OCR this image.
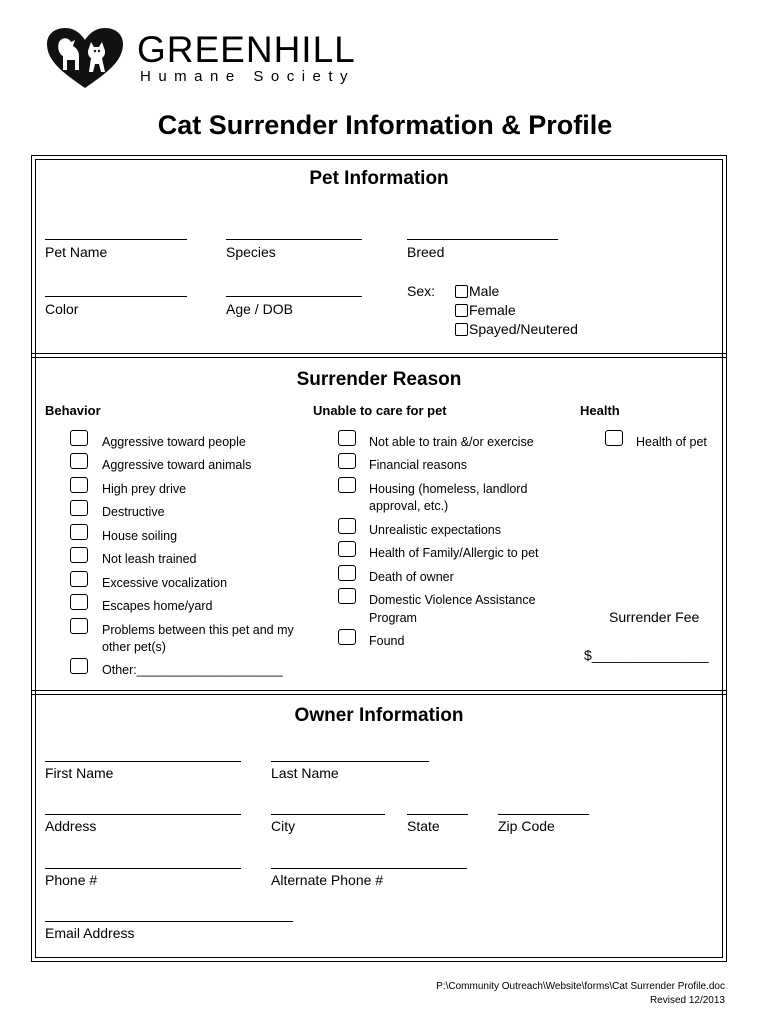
GREENHILL
Humane Society
Cat Surrender Information & Profile
Pet Information
Pet Name	Species	Breed
Color	Age / DOB
Sex: Male
Female
Spayed/Neutered
Surrender Reason
Behavior	Unable to care for pet	Health
Aggressive toward people
Aggressive toward animals
High prey drive
Destructive
House soiling
Not leash trained
Excessive vocalization
Escapes home/yard
Problems between this pet and my
other pet(s)
Other:_____________________
Not able to train &/or exercise
Financial reasons
Housing (homeless, landlord
approval, etc.)
Unrealistic expectations
Health of Family/Allergic to pet
Death of owner
Domestic Violence Assistance
Program
Found
Health of pet
Surrender Fee
$_______________
Owner Information
First Name	Last Name
Address	City	State	Zip Code
Phone #	Alternate Phone #
Email Address
P:\Community Outreach\Website\forms\Cat Surrender Profile.doc
Revised 12/2013
